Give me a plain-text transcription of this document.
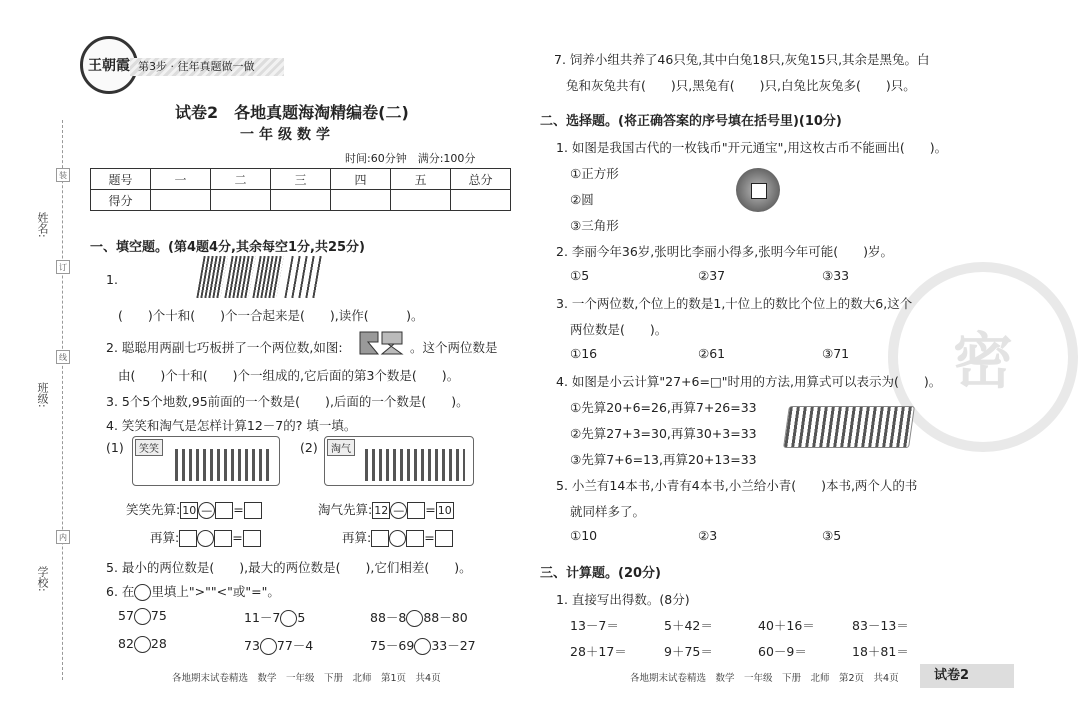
姓名:
班级:
学校:
装
订
线
内
王朝霞 第3步 · 往年真题做一做
试卷2　各地真题海淘精编卷(二)
一年级数学
时间:60分钟　满分:100分
题号	一	二	三	四	五	总分
得分						
一、填空题。(第4题4分,其余每空1分,共25分)
1.
(　　)个十和(　　)个一合起来是(　　),读作(　　　)。
2. 聪聪用两副七巧板拼了一个两位数,如图:	。这个两位数是
由(　　)个十和(　　)个一组成的,它后面的第3个数是(　　)。
3. 5个5个地数,95前面的一个数是(　　),后面的一个数是(　　)。
4. 笑笑和淘气是怎样计算12－7的? 填一填。
(1)	笑笑	(2)	淘气
笑笑先算: 10 — =	淘气先算: 12 — = 10
再算:	=	再算:	=
5. 最小的两位数是(　　),最大的两位数是(　　),它们相差(　　)。
6. 在 里填上">""<"或"="。
57 75	11－7 5	88－8 88－80
82 28	73 77－4	75－69 33－27
各地期末试卷精选　数学　一年级　下册　北师　第1页　共4页
密
7. 饲养小组共养了46只兔,其中白兔18只,灰兔15只,其余是黑兔。白
兔和灰兔共有(　　)只,黑兔有(　　)只,白兔比灰兔多(　　)只。
二、选择题。(将正确答案的序号填在括号里)(10分)
1. 如图是我国古代的一枚钱币"开元通宝",用这枚古币不能画出(　　)。
①正方形
②圆
③三角形
2. 李丽今年36岁,张明比李丽小得多,张明今年可能(　　)岁。
①5	②37	③33
3. 一个两位数,个位上的数是1,十位上的数比个位上的数大6,这个
两位数是(　　)。
①16	②61	③71
4. 如图是小云计算"27+6=□"时用的方法,用算式可以表示为(　　)。
①先算20+6=26,再算7+26=33
②先算27+3=30,再算30+3=33
③先算7+6=13,再算20+13=33
5. 小兰有14本书,小青有4本书,小兰给小青(　　)本书,两个人的书
就同样多了。
①10	②3	③5
三、计算题。(20分)
1. 直接写出得数。(8分)
13－7＝	5＋42＝	40＋16＝	83－13＝
28＋17＝	9＋75＝	60－9＝	18＋81＝
各地期末试卷精选　数学　一年级　下册　北师　第2页　共4页	试卷2
